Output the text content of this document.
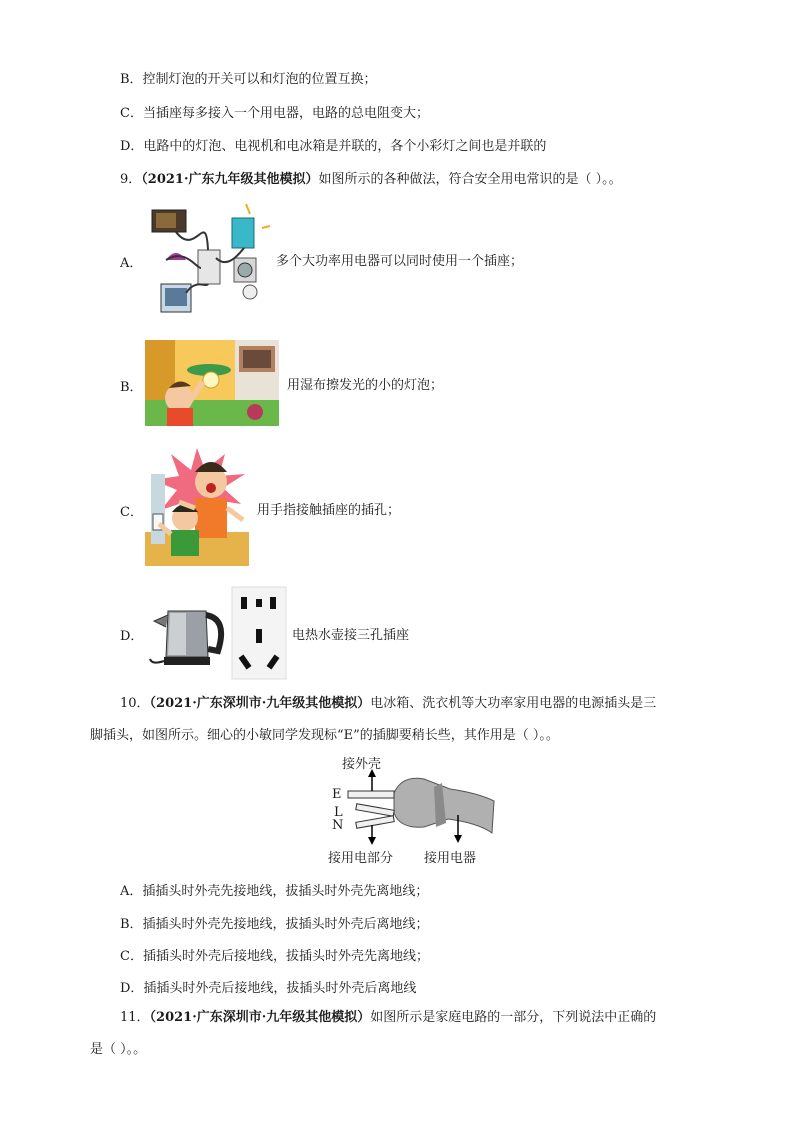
B．控制灯泡的开关可以和灯泡的位置互换；
C．当插座每多接入一个用电器，电路的总电阻变大；
D．电路中的灯泡、电视机和电冰箱是并联的，各个小彩灯之间也是并联的
9．（2021·广东九年级其他模拟）如图所示的各种做法，符合安全用电常识的是（ ）。。
A．	多个大功率用电器可以同时使用一个插座；
B．	用湿布擦发光的小的灯泡；
C．	用手指接触插座的插孔；
D．	电热水壶接三孔插座
10．（2021·广东深圳市·九年级其他模拟）电冰箱、洗衣机等大功率家用电器的电源插头是三
脚插头，如图所示。细心的小敏同学发现标“E”的插脚要稍长些，其作用是（ ）。。
接外壳
E
L
N
接用电部分 接用电器
A．插插头时外壳先接地线，拔插头时外壳先离地线；
B．插插头时外壳先接地线，拔插头时外壳后离地线；
C．插插头时外壳后接地线，拔插头时外壳先离地线；
D．插插头时外壳后接地线，拔插头时外壳后离地线
11．（2021·广东深圳市·九年级其他模拟）如图所示是家庭电路的一部分，下列说法中正确的
是（ ）。。
